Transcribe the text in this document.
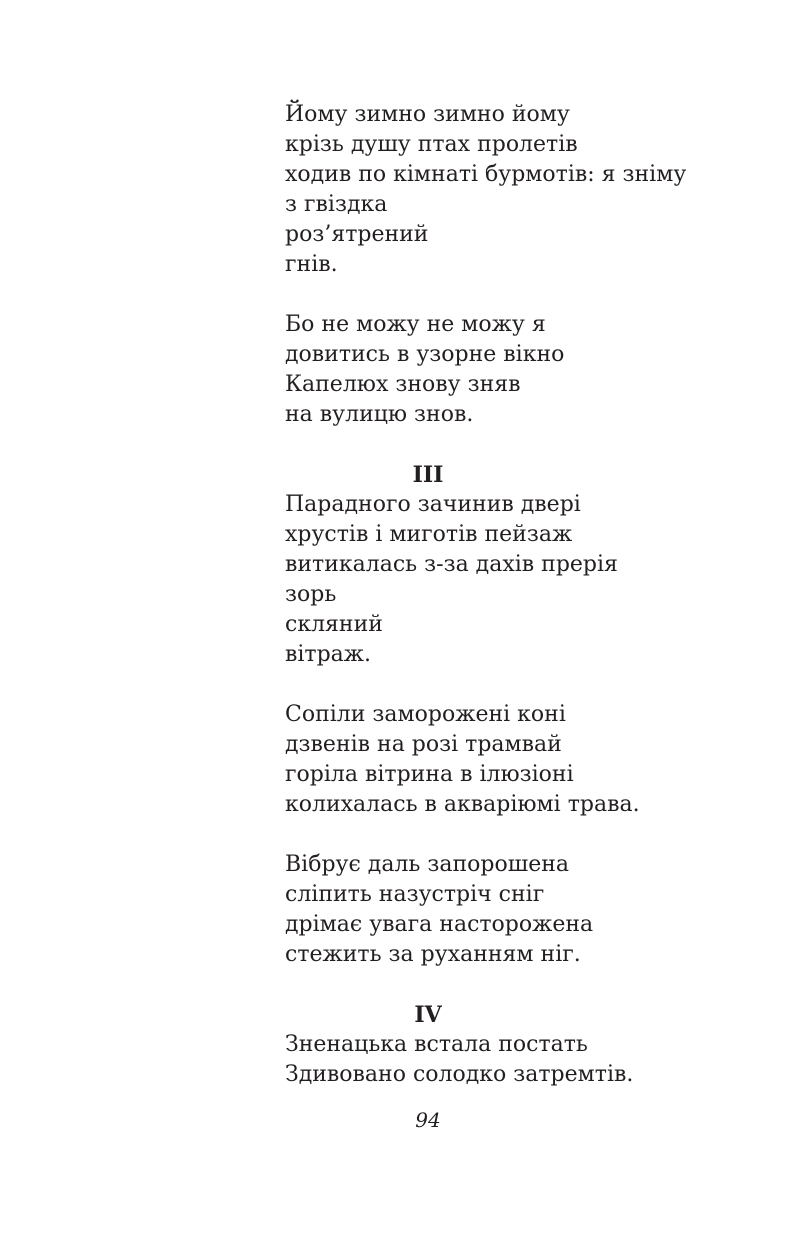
Йому зимно зимно йому
крізь душу птах пролетів
ходив по кімнаті бурмотів: я зніму
з гвіздка
роз’ятрений
гнів.
Бо не можу не можу я
довитись в узорне вікно
Капелюх знову зняв
на вулицю знов.
III
Парадного зачинив двері
хрустів і миготів пейзаж
витикалась з-за дахів прерія
зорь
скляний
вітраж.
Сопіли заморожені коні
дзвенів на розі трамвай
горіла вітрина в ілюзіоні
колихалась в акваріюмі трава.
Вібрує даль запорошена
сліпить назустріч сніг
дрімає увага насторожена
стежить за руханням ніг.
IV
Зненацька встала постать
Здивовано солодко затремтів.
94
